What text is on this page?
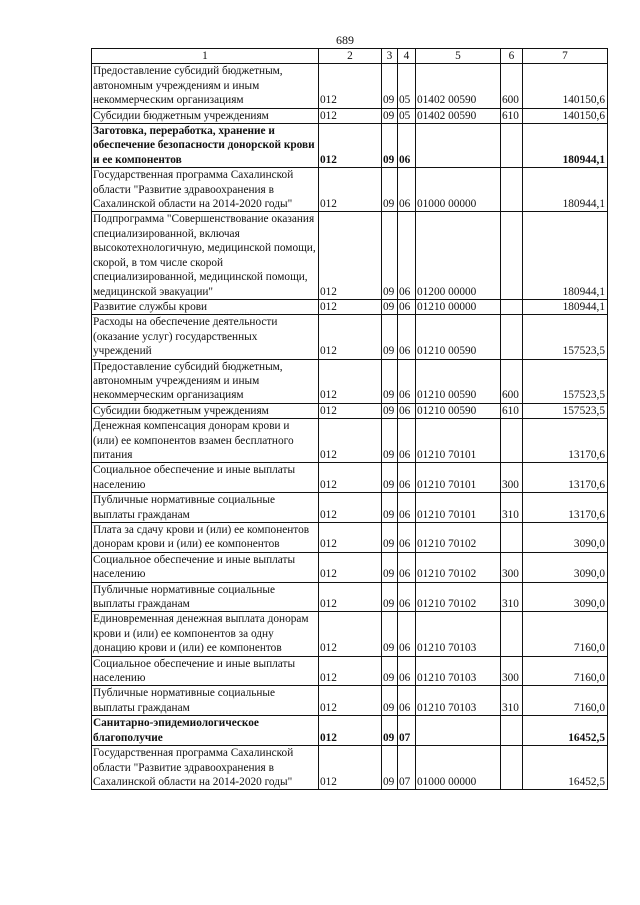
689
1	2	3	4	5	6	7
Предоставление субсидий бюджетным, автономным учреждениям и иным некоммерческим организациям	012	09	05	01402 00590	600	140150,6
Субсидии бюджетным учреждениям	012	09	05	01402 00590	610	140150,6
Заготовка, переработка, хранение и обеспечение безопасности донорской крови и ее компонентов	012	09	06			180944,1
Государственная программа Сахалинской области "Развитие здравоохранения в Сахалинской области на 2014-2020 годы"	012	09	06	01000 00000		180944,1
Подпрограмма "Совершенствование оказания специализированной, включая высокотехнологичную, медицинской помощи, скорой, в том числе скорой специализированной, медицинской помощи, медицинской эвакуации"	012	09	06	01200 00000		180944,1
Развитие службы крови	012	09	06	01210 00000		180944,1
Расходы на обеспечение деятельности (оказание услуг) государственных учреждений	012	09	06	01210 00590		157523,5
Предоставление субсидий бюджетным, автономным учреждениям и иным некоммерческим организациям	012	09	06	01210 00590	600	157523,5
Субсидии бюджетным учреждениям	012	09	06	01210 00590	610	157523,5
Денежная компенсация донорам крови и (или) ее компонентов взамен бесплатного питания	012	09	06	01210 70101		13170,6
Социальное обеспечение и иные выплаты населению	012	09	06	01210 70101	300	13170,6
Публичные нормативные социальные выплаты гражданам	012	09	06	01210 70101	310	13170,6
Плата за сдачу крови и (или) ее компонентов донорам крови и (или) ее компонентов	012	09	06	01210 70102		3090,0
Социальное обеспечение и иные выплаты населению	012	09	06	01210 70102	300	3090,0
Публичные нормативные социальные выплаты гражданам	012	09	06	01210 70102	310	3090,0
Единовременная денежная выплата донорам крови и (или) ее компонентов за одну донацию крови и (или) ее компонентов	012	09	06	01210 70103		7160,0
Социальное обеспечение и иные выплаты населению	012	09	06	01210 70103	300	7160,0
Публичные нормативные социальные выплаты гражданам	012	09	06	01210 70103	310	7160,0
Санитарно-эпидемиологическое благополучие	012	09	07			16452,5
Государственная программа Сахалинской области "Развитие здравоохранения в Сахалинской области на 2014-2020 годы"	012	09	07	01000 00000		16452,5
